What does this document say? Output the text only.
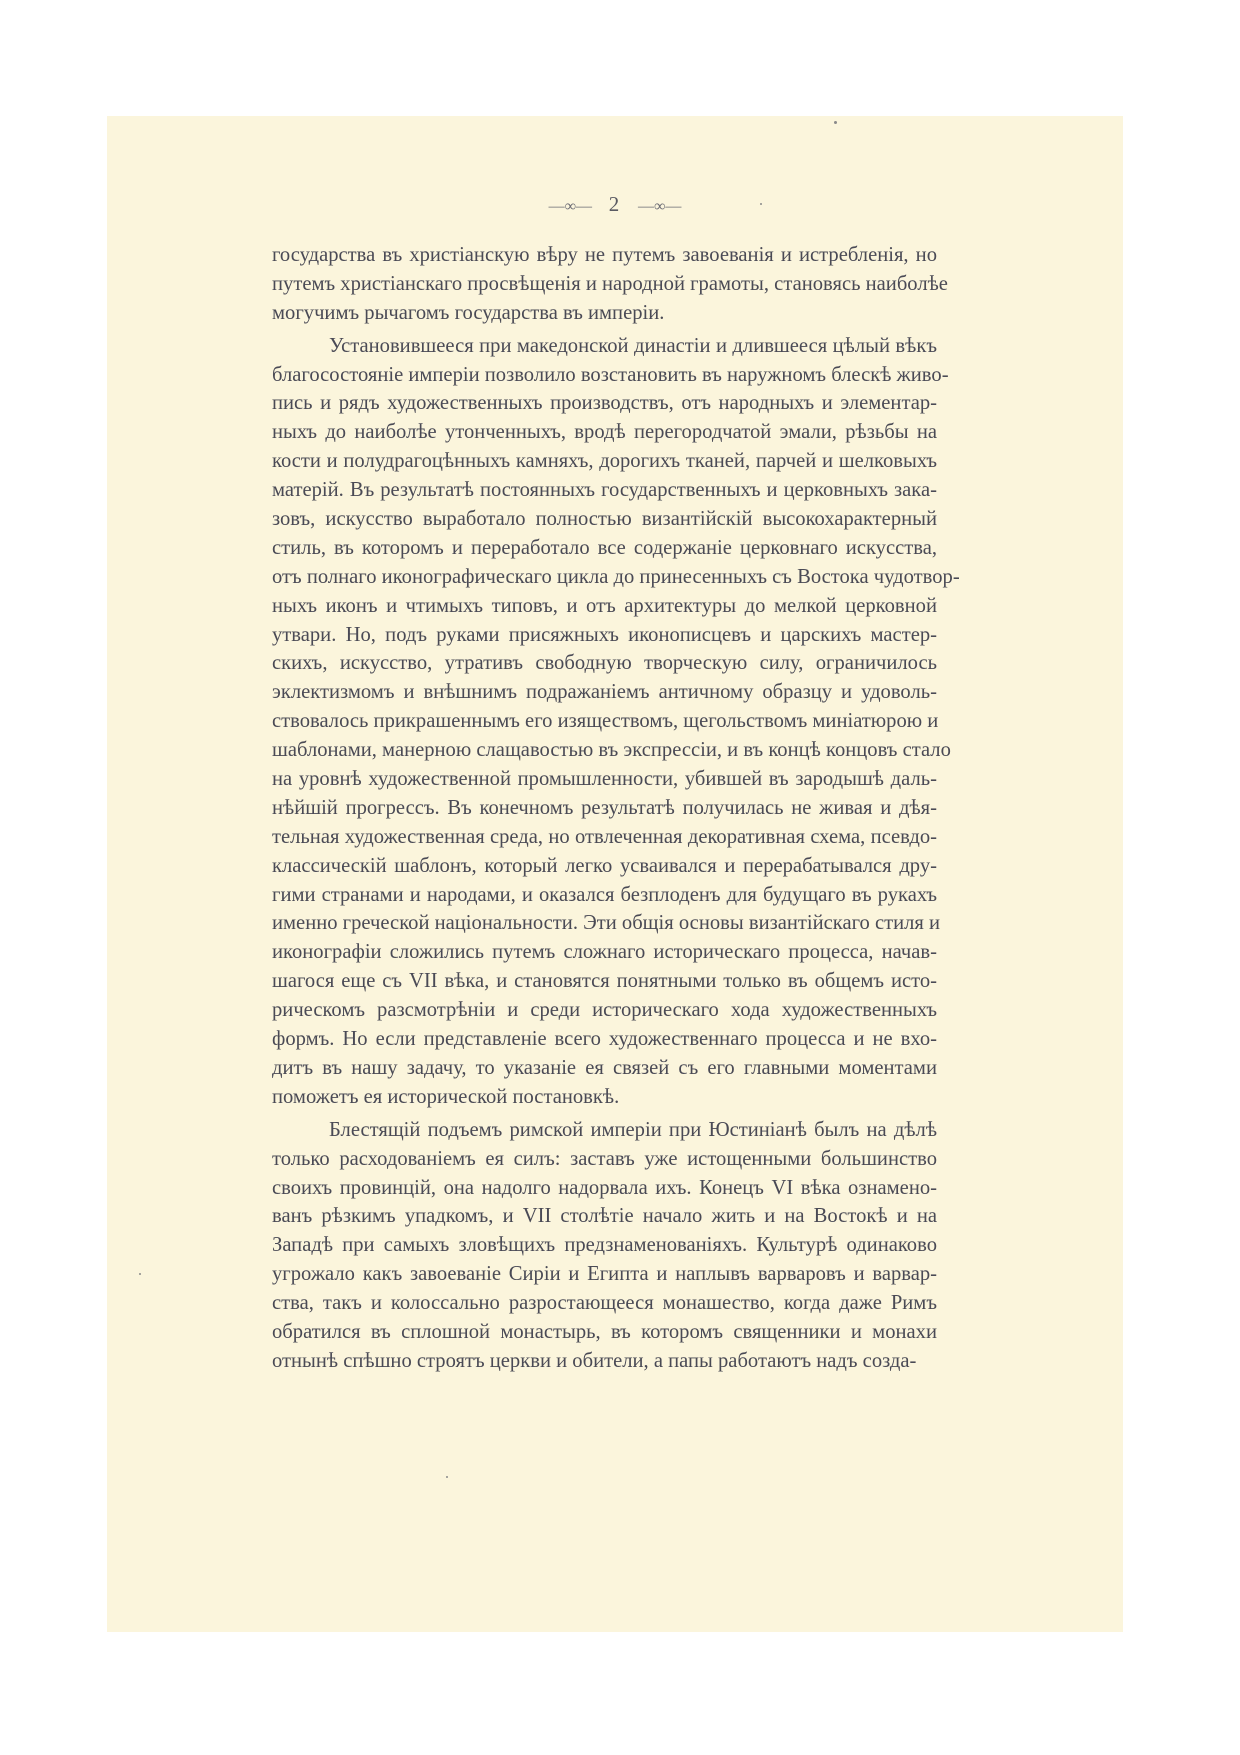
—∞— 2 —∞—
государства въ христіанскую вѣру не путемъ завоеванія и истребленія, но
путемъ христіанскаго просвѣщенія и народной грамоты, становясь наиболѣе
могучимъ рычагомъ государства въ имперіи.
Установившееся при македонской династіи и длившееся цѣлый вѣкъ
благосостояніе имперіи позволило возстановить въ наружномъ блескѣ живо-
пись и рядъ художественныхъ производствъ, отъ народныхъ и элементар-
ныхъ до наиболѣе утонченныхъ, вродѣ перегородчатой эмали, рѣзьбы на
кости и полудрагоцѣнныхъ камняхъ, дорогихъ тканей, парчей и шелковыхъ
матерій. Въ результатѣ постоянныхъ государственныхъ и церковныхъ зака-
зовъ, искусство выработало полностью византійскій высокохарактерный
стиль, въ которомъ и переработало все содержаніе церковнаго искусства,
отъ полнаго иконографическаго цикла до принесенныхъ съ Востока чудотвор-
ныхъ иконъ и чтимыхъ типовъ, и отъ архитектуры до мелкой церковной
утвари. Но, подъ руками присяжныхъ иконописцевъ и царскихъ мастер-
скихъ, искусство, утративъ свободную творческую силу, ограничилось
эклектизмомъ и внѣшнимъ подражаніемъ античному образцу и удоволь-
ствовалось прикрашеннымъ его изяществомъ, щегольствомъ миніатюрою и
шаблонами, манерною слащавостью въ экспрессіи, и въ концѣ концовъ стало
на уровнѣ художественной промышленности, убившей въ зародышѣ даль-
нѣйшій прогрессъ. Въ конечномъ результатѣ получилась не живая и дѣя-
тельная художественная среда, но отвлеченная декоративная схема, псевдо-
классическій шаблонъ, который легко усваивался и перерабатывался дру-
гими странами и народами, и оказался безплоденъ для будущаго въ рукахъ
именно греческой національности. Эти общія основы византійскаго стиля и
иконографіи сложились путемъ сложнаго историческаго процесса, начав-
шагося еще съ VII вѣка, и становятся понятными только въ общемъ исто-
рическомъ разсмотрѣніи и среди историческаго хода художественныхъ
формъ. Но если представленіе всего художественнаго процесса и не вхо-
дитъ въ нашу задачу, то указаніе ея связей съ его главными моментами
поможетъ ея исторической постановкѣ.
Блестящій подъемъ римской имперіи при Юстиніанѣ былъ на дѣлѣ
только расходованіемъ ея силъ: заставъ уже истощенными большинство
своихъ провинцій, она надолго надорвала ихъ. Конецъ VI вѣка ознамено-
ванъ рѣзкимъ упадкомъ, и VII столѣтіе начало жить и на Востокѣ и на
Западѣ при самыхъ зловѣщихъ предзнаменованіяхъ. Культурѣ одинаково
угрожало какъ завоеваніе Сиріи и Египта и наплывъ варваровъ и варвар-
ства, такъ и колоссально разростающееся монашество, когда даже Римъ
обратился въ сплошной монастырь, въ которомъ священники и монахи
отнынѣ спѣшно строятъ церкви и обители, а папы работаютъ надъ созда-
